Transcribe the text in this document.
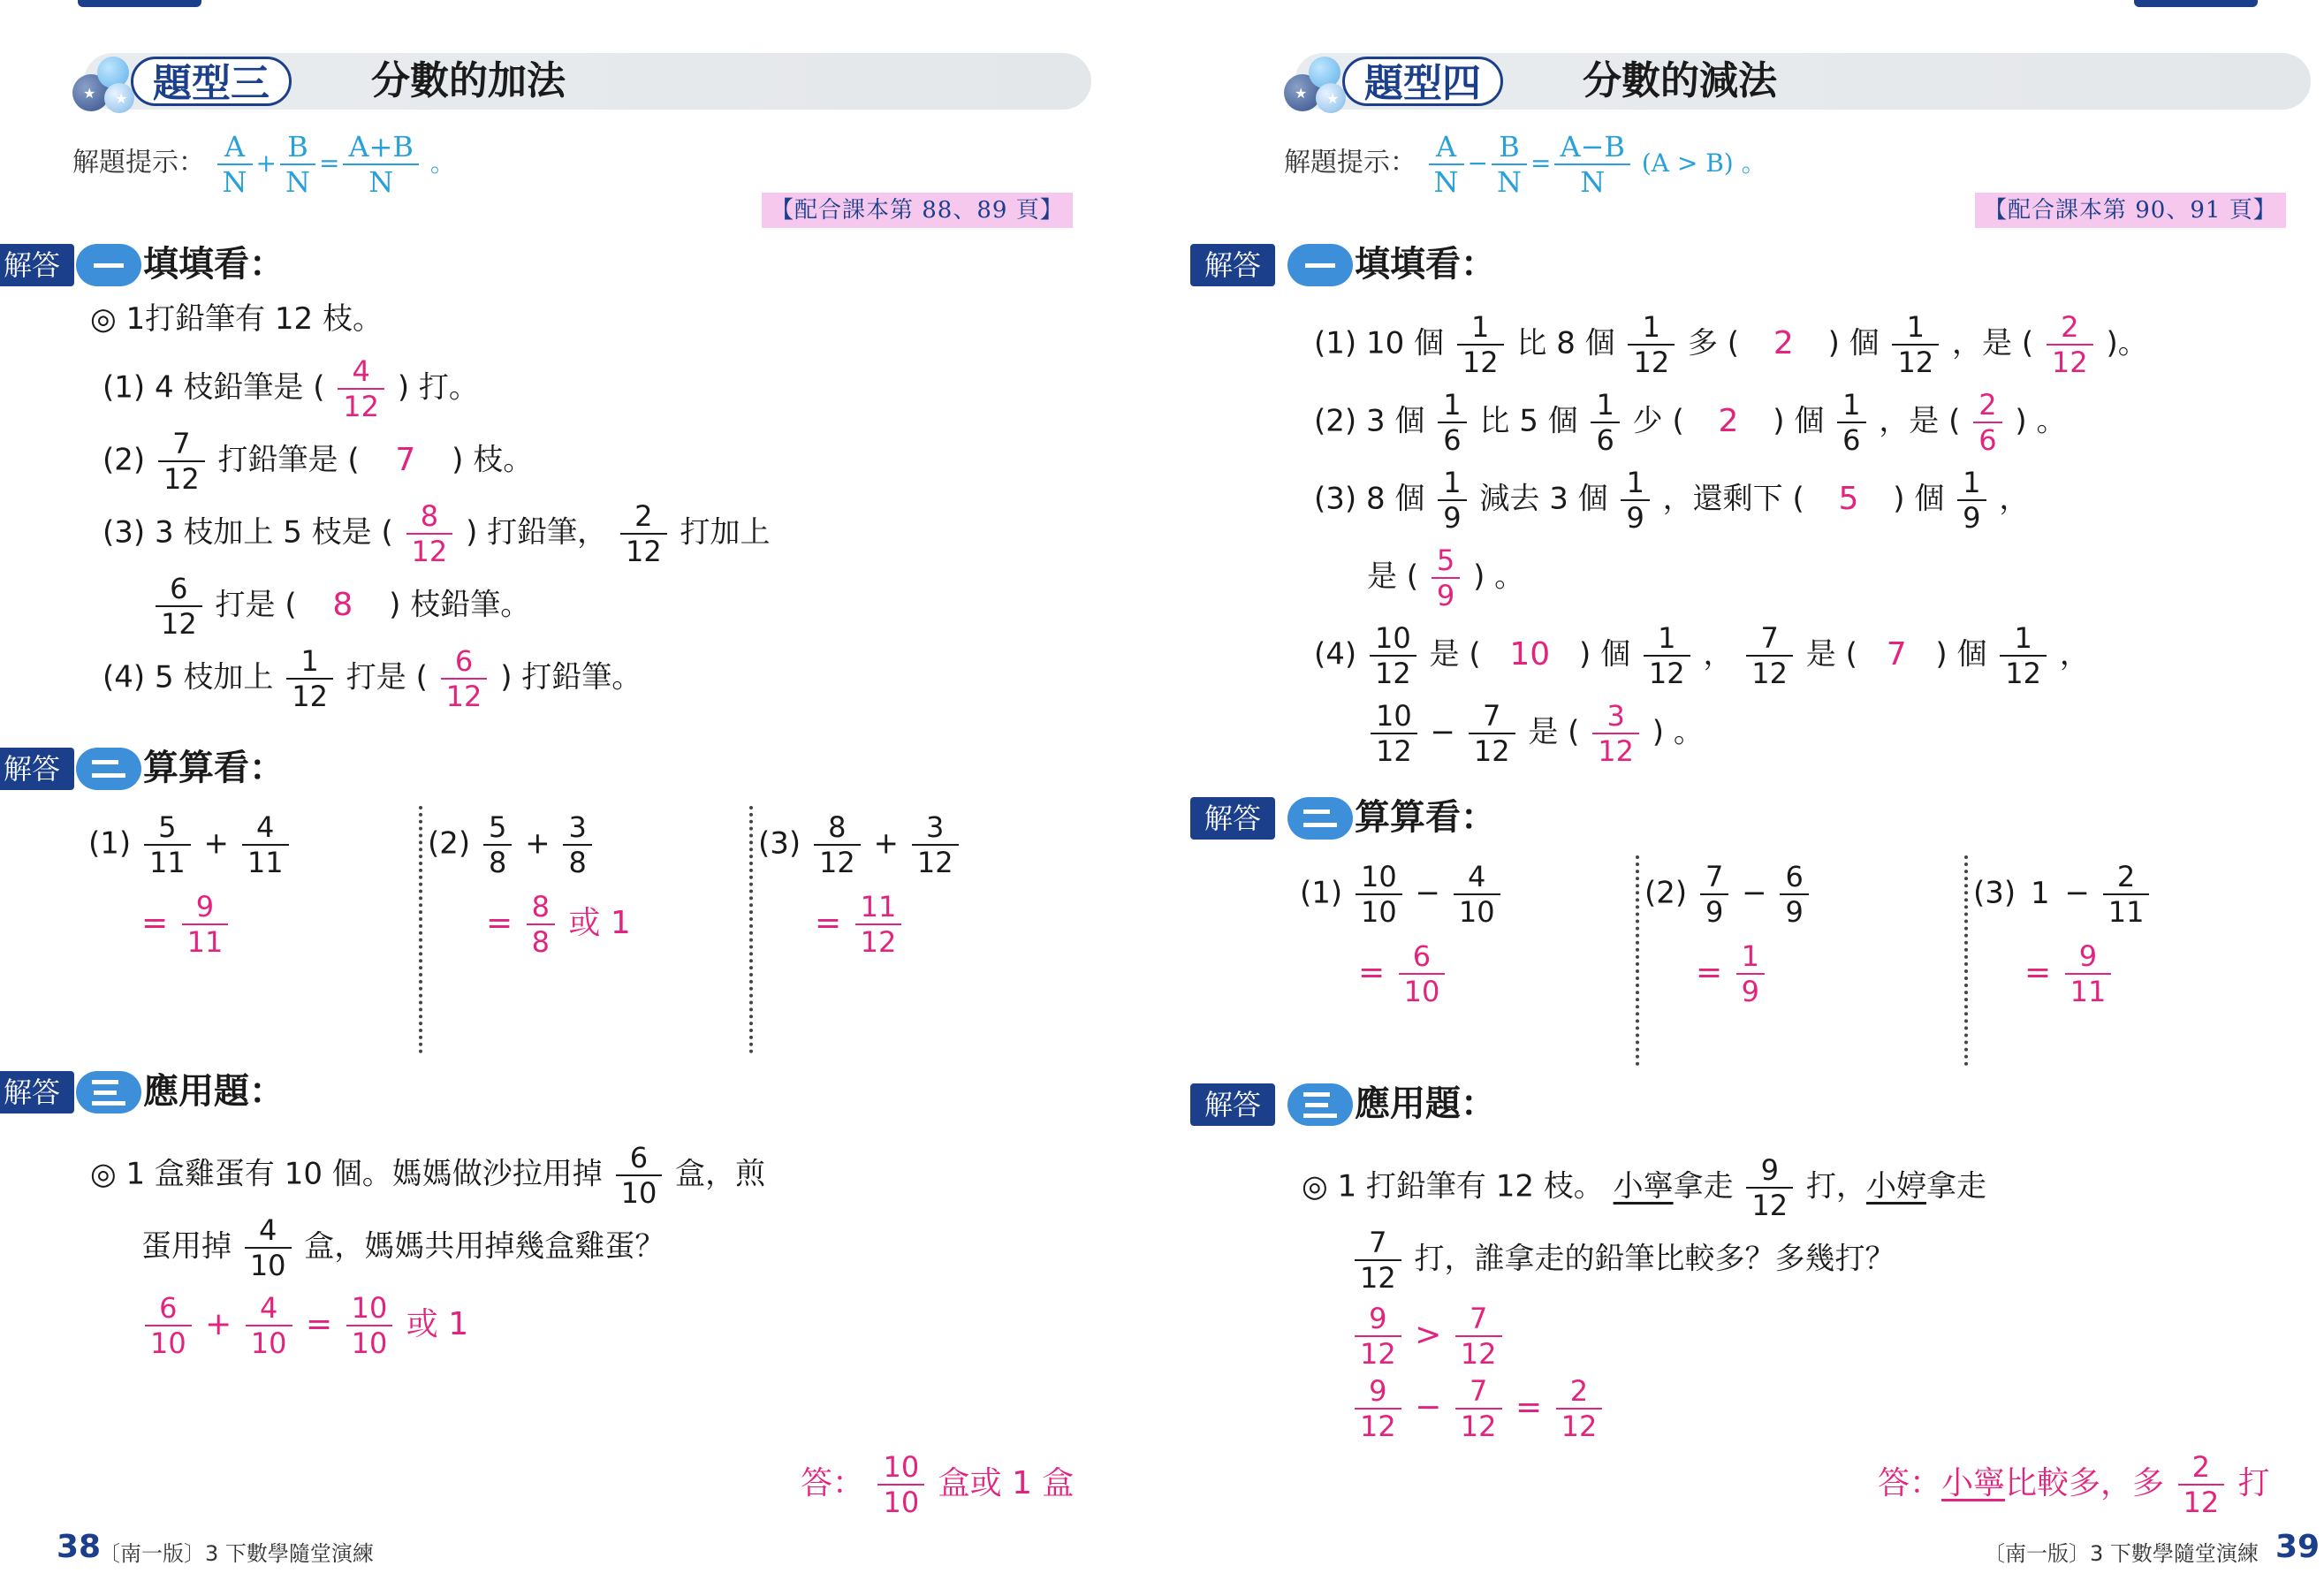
★ ★ 題型三	分數的加法
解題提示： $\frac{A}{N} + \frac{B}{N} = \frac{A+B}{N}$ 。
【配合課本第 88、89 頁】
解答	填填看：
◎ 1打鉛筆有 12 枝。
(1) 4 枝鉛筆是 ( $\frac{4}{12}$ ) 打。
$(2) \frac{7}{12}$ 打鉛筆是 ( 7 ) 枝。
(3) 3 枝加上 5 枝是 ( $\frac{8}{12}$ ) 打鉛筆， $\frac{2}{12}$ 打加上
$\frac{6}{12}$ 打是 ( 8 ) 枝鉛筆。
(4) 5 枝加上 $\frac{1}{12}$ 打是 ( $\frac{6}{12}$ ) 打鉛筆。
解答	算算看：
$(1) \frac{5}{11} + \frac{4}{11}$
= $\frac{9}{11}$
$(2) \frac{5}{8} + \frac{3}{8}$
= $\frac{8}{8}$ 或 1
$(3) \frac{8}{12} + \frac{3}{12}$
= $\frac{11}{12}$
解答	應用題：
◎ 1 盒雞蛋有 10 個。媽媽做沙拉用掉 $\frac{6}{10}$ 盒，煎
蛋用掉 $\frac{4}{10}$ 盒，媽媽共用掉幾盒雞蛋？
$\frac{6}{10} + \frac{4}{10} = \frac{10}{10}$ 或 1
答： $\frac{10}{10}$ 盒或 1 盒
38
〔南一版〕3 下數學隨堂演練
★ ★ 題型四	分數的減法
解題提示： $\frac{A}{N} - \frac{B}{N} = \frac{A-B}{N} (A > B)$ 。
【配合課本第 90、91 頁】
解答	填填看：
(1) 10 個 $\frac{1}{12}$ 比 8 個 $\frac{1}{12}$ 多 ( 2 ) 個 $\frac{1}{12}$ ，是 ( $\frac{2}{12}$ )。
(2) 3 個 $\frac{1}{6}$ 比 5 個 $\frac{1}{6}$ 少 ( 2 ) 個 $\frac{1}{6}$ ，是 ( $\frac{2}{6}$ ) 。
(3) 8 個 $\frac{1}{9}$ 減去 3 個 $\frac{1}{9}$ ，還剩下 ( 5 ) 個 $\frac{1}{9}$ ，
是 ( $\frac{5}{9}$ ) 。
$(4) \frac{10}{12}$ 是 ( 10 ) 個 $\frac{1}{12}$ ， $\frac{7}{12}$ 是 ( 7 ) 個 $\frac{1}{12}$ ，
$\frac{10}{12} - \frac{7}{12}$ 是 ( $\frac{3}{12}$ ) 。
解答	算算看：
$(1) \frac{10}{10} - \frac{4}{10}$
= $\frac{6}{10}$
$(2) \frac{7}{9} - \frac{6}{9}$
= $\frac{1}{9}$
(3) $1 - \frac{2}{11}$
= $\frac{9}{11}$
解答	應用題：
◎ 1 打鉛筆有 12 枝。 小寧拿走 $\frac{9}{12}$ 打，小婷拿走
$\frac{7}{12}$ 打，誰拿走的鉛筆比較多？多幾打？
$\frac{9}{12} > \frac{7}{12}$
$\frac{9}{12} - \frac{7}{12} = \frac{2}{12}$
答：小寧比較多，多 $\frac{2}{12}$ 打
〔南一版〕3 下數學隨堂演練 39
